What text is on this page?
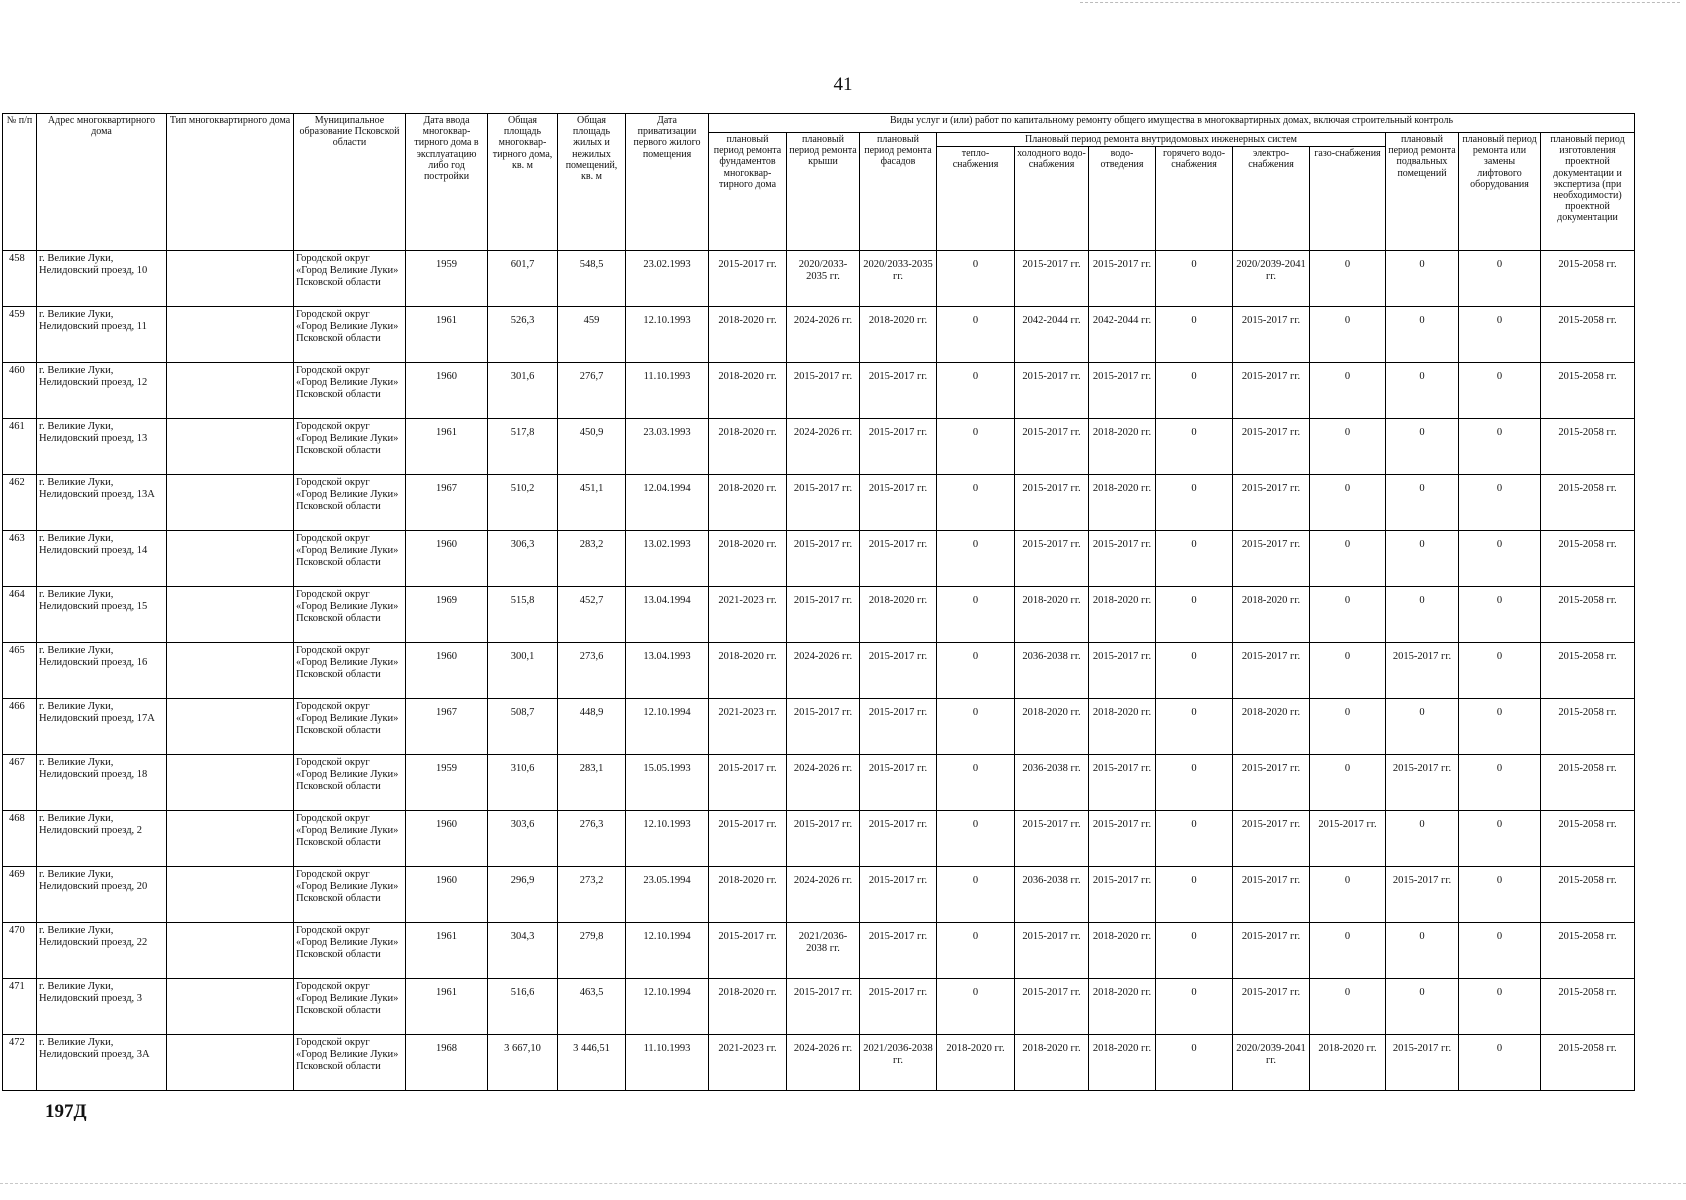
41
№ п/п	Адрес многоквартирного дома	Тип многоквартирного дома	Муниципальное образование Псковской области	Дата ввода многоквар-тирного дома в эксплуатацию либо год постройки	Общая площадь многоквар-тирного дома, кв. м	Общая площадь жилых и нежилых помещений, кв. м	Дата приватизации первого жилого помещения	Виды услуг и (или) работ по капитальному ремонту общего имущества в многоквартирных домах, включая строительный контроль											
								плановый период ремонта фундаментов многоквар-тирного дома	плановый период ремонта крыши	плановый период ремонта фасадов	Плановый период ремонта внутридомовых инженерных систем						плановый период ремонта подвальных помещений	плановый период ремонта или замены лифтового оборудования	плановый период изготовления проектной документации и экспертиза (при необходимости) проектной документации
											тепло-снабжения	холодного водо-снабжения	водо-отведения	горячего водо-снабжения	электро-снабжения	газо-снабжения			
458	г. Великие Луки, Нелидовский проезд, 10		Городской округ «Город Великие Луки» Псковской области	1959	601,7	548,5	23.02.1993	2015-2017 гг.	2020/2033-2035 гг.	2020/2033-2035 гг.	0	2015-2017 гг.	2015-2017 гг.	0	2020/2039-2041 гг.	0	0	0	2015-2058 гг.
459	г. Великие Луки, Нелидовский проезд, 11		Городской округ «Город Великие Луки» Псковской области	1961	526,3	459	12.10.1993	2018-2020 гг.	2024-2026 гг.	2018-2020 гг.	0	2042-2044 гг.	2042-2044 гг.	0	2015-2017 гг.	0	0	0	2015-2058 гг.
460	г. Великие Луки, Нелидовский проезд, 12		Городской округ «Город Великие Луки» Псковской области	1960	301,6	276,7	11.10.1993	2018-2020 гг.	2015-2017 гг.	2015-2017 гг.	0	2015-2017 гг.	2015-2017 гг.	0	2015-2017 гг.	0	0	0	2015-2058 гг.
461	г. Великие Луки, Нелидовский проезд, 13		Городской округ «Город Великие Луки» Псковской области	1961	517,8	450,9	23.03.1993	2018-2020 гг.	2024-2026 гг.	2015-2017 гг.	0	2015-2017 гг.	2018-2020 гг.	0	2015-2017 гг.	0	0	0	2015-2058 гг.
462	г. Великие Луки, Нелидовский проезд, 13А		Городской округ «Город Великие Луки» Псковской области	1967	510,2	451,1	12.04.1994	2018-2020 гг.	2015-2017 гг.	2015-2017 гг.	0	2015-2017 гг.	2018-2020 гг.	0	2015-2017 гг.	0	0	0	2015-2058 гг.
463	г. Великие Луки, Нелидовский проезд, 14		Городской округ «Город Великие Луки» Псковской области	1960	306,3	283,2	13.02.1993	2018-2020 гг.	2015-2017 гг.	2015-2017 гг.	0	2015-2017 гг.	2015-2017 гг.	0	2015-2017 гг.	0	0	0	2015-2058 гг.
464	г. Великие Луки, Нелидовский проезд, 15		Городской округ «Город Великие Луки» Псковской области	1969	515,8	452,7	13.04.1994	2021-2023 гг.	2015-2017 гг.	2018-2020 гг.	0	2018-2020 гг.	2018-2020 гг.	0	2018-2020 гг.	0	0	0	2015-2058 гг.
465	г. Великие Луки, Нелидовский проезд, 16		Городской округ «Город Великие Луки» Псковской области	1960	300,1	273,6	13.04.1993	2018-2020 гг.	2024-2026 гг.	2015-2017 гг.	0	2036-2038 гг.	2015-2017 гг.	0	2015-2017 гг.	0	2015-2017 гг.	0	2015-2058 гг.
466	г. Великие Луки, Нелидовский проезд, 17А		Городской округ «Город Великие Луки» Псковской области	1967	508,7	448,9	12.10.1994	2021-2023 гг.	2015-2017 гг.	2015-2017 гг.	0	2018-2020 гг.	2018-2020 гг.	0	2018-2020 гг.	0	0	0	2015-2058 гг.
467	г. Великие Луки, Нелидовский проезд, 18		Городской округ «Город Великие Луки» Псковской области	1959	310,6	283,1	15.05.1993	2015-2017 гг.	2024-2026 гг.	2015-2017 гг.	0	2036-2038 гг.	2015-2017 гг.	0	2015-2017 гг.	0	2015-2017 гг.	0	2015-2058 гг.
468	г. Великие Луки, Нелидовский проезд, 2		Городской округ «Город Великие Луки» Псковской области	1960	303,6	276,3	12.10.1993	2015-2017 гг.	2015-2017 гг.	2015-2017 гг.	0	2015-2017 гг.	2015-2017 гг.	0	2015-2017 гг.	2015-2017 гг.	0	0	2015-2058 гг.
469	г. Великие Луки, Нелидовский проезд, 20		Городской округ «Город Великие Луки» Псковской области	1960	296,9	273,2	23.05.1994	2018-2020 гг.	2024-2026 гг.	2015-2017 гг.	0	2036-2038 гг.	2015-2017 гг.	0	2015-2017 гг.	0	2015-2017 гг.	0	2015-2058 гг.
470	г. Великие Луки, Нелидовский проезд, 22		Городской округ «Город Великие Луки» Псковской области	1961	304,3	279,8	12.10.1994	2015-2017 гг.	2021/2036-2038 гг.	2015-2017 гг.	0	2015-2017 гг.	2018-2020 гг.	0	2015-2017 гг.	0	0	0	2015-2058 гг.
471	г. Великие Луки, Нелидовский проезд, 3		Городской округ «Город Великие Луки» Псковской области	1961	516,6	463,5	12.10.1994	2018-2020 гг.	2015-2017 гг.	2015-2017 гг.	0	2015-2017 гг.	2018-2020 гг.	0	2015-2017 гг.	0	0	0	2015-2058 гг.
472	г. Великие Луки, Нелидовский проезд, 3А		Городской округ «Город Великие Луки» Псковской области	1968	3 667,10	3 446,51	11.10.1993	2021-2023 гг.	2024-2026 гг.	2021/2036-2038 гг.	2018-2020 гг.	2018-2020 гг.	2018-2020 гг.	0	2020/2039-2041 гг.	2018-2020 гг.	2015-2017 гг.	0	2015-2058 гг.
197Д
